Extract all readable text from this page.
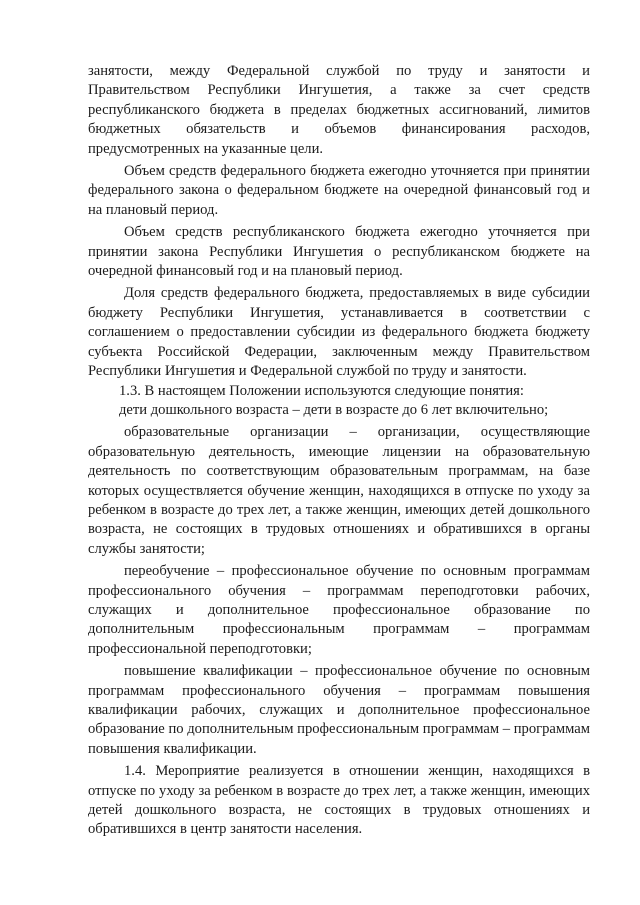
занятости, между Федеральной службой по труду и занятости и Правительством Республики Ингушетия, а также за счет средств республиканского бюджета в пределах бюджетных ассигнований, лимитов бюджетных обязательств и объемов финансирования расходов, предусмотренных на указанные цели.

Объем средств федерального бюджета ежегодно уточняется при принятии федерального закона о федеральном бюджете на очередной финансовый год и на плановый период.

Объем средств республиканского бюджета ежегодно уточняется при принятии закона Республики Ингушетия о республиканском бюджете на очередной финансовый год и на плановый период.

Доля средств федерального бюджета, предоставляемых в виде субсидии бюджету Республики Ингушетия, устанавливается в соответствии с соглашением о предоставлении субсидии из федерального бюджета бюджету субъекта Российской Федерации, заключенным между Правительством Республики Ингушетия и Федеральной службой по труду и занятости.

1.3. В настоящем Положении используются следующие понятия:

дети дошкольного возраста – дети в возрасте до 6 лет включительно;

образовательные организации – организации, осуществляющие образовательную деятельность, имеющие лицензии на образовательную деятельность по соответствующим образовательным программам, на базе которых осуществляется обучение женщин, находящихся в отпуске по уходу за ребенком в возрасте до трех лет, а также женщин, имеющих детей дошкольного возраста, не состоящих в трудовых отношениях и обратившихся в органы службы занятости;

переобучение – профессиональное обучение по основным программам профессионального обучения – программам переподготовки рабочих, служащих и дополнительное профессиональное образование по дополнительным профессиональным программам – программам профессиональной переподготовки;

повышение квалификации – профессиональное обучение по основным программам профессионального обучения – программам повышения квалификации рабочих, служащих и дополнительное профессиональное образование по дополнительным профессиональным программам – программам повышения квалификации.

1.4. Мероприятие реализуется в отношении женщин, находящихся в отпуске по уходу за ребенком в возрасте до трех лет, а также женщин, имеющих детей дошкольного возраста, не состоящих в трудовых отношениях и обратившихся в центр занятости населения.
